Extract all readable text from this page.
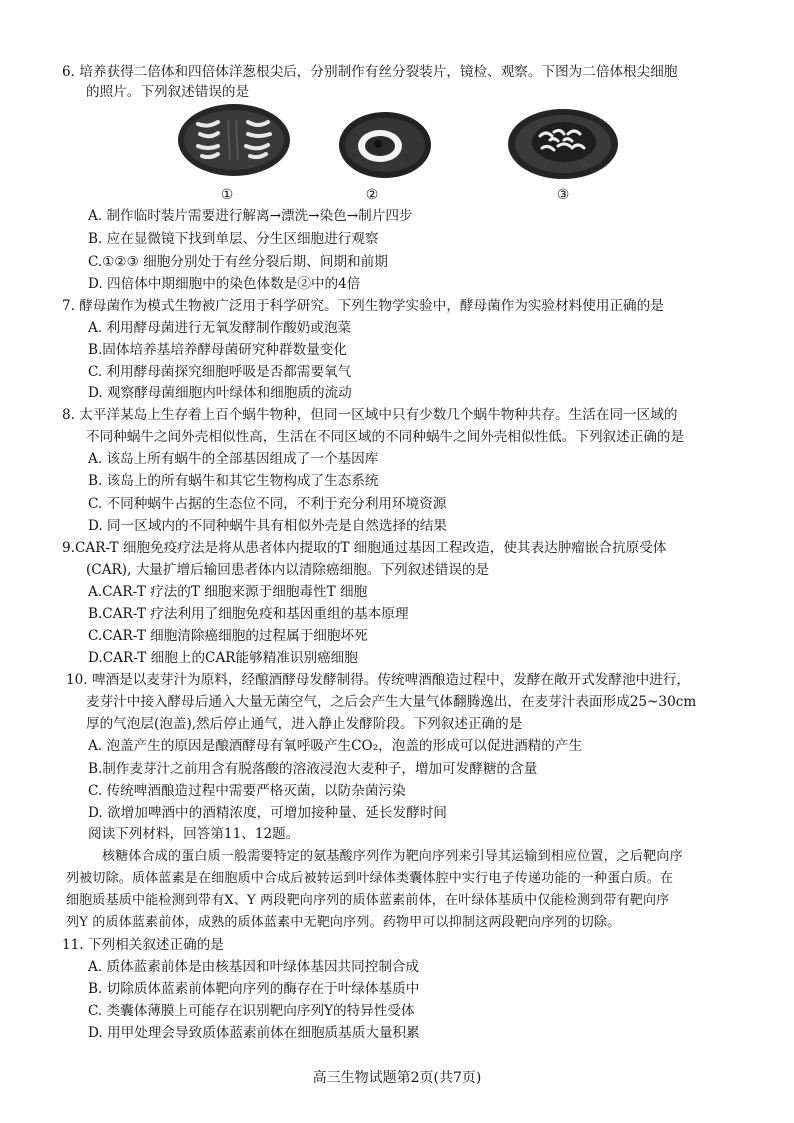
6. 培养获得二倍体和四倍体洋葱根尖后，分别制作有丝分裂装片，镜检、观察。下图为二倍体根尖细胞
的照片。下列叙述错误的是
①	②	③
A. 制作临时装片需要进行解离→漂洗→染色→制片四步
B. 应在显微镜下找到单层、分生区细胞进行观察
C.①②③ 细胞分别处于有丝分裂后期、间期和前期
D. 四倍体中期细胞中的染色体数是②中的4倍
7. 酵母菌作为模式生物被广泛用于科学研究。下列生物学实验中，酵母菌作为实验材料使用正确的是
A. 利用酵母菌进行无氧发酵制作酸奶或泡菜
B.固体培养基培养酵母菌研究种群数量变化
C. 利用酵母菌探究细胞呼吸是否都需要氧气
D. 观察酵母菌细胞内叶绿体和细胞质的流动
8. 太平洋某岛上生存着上百个蜗牛物种，但同一区域中只有少数几个蜗牛物种共存。生活在同一区域的
不同种蜗牛之间外壳相似性高，生活在不同区域的不同种蜗牛之间外壳相似性低。下列叙述正确的是
A. 该岛上所有蜗牛的全部基因组成了一个基因库
B. 该岛上的所有蜗牛和其它生物构成了生态系统
C. 不同种蜗牛占据的生态位不同，不利于充分利用环境资源
D. 同一区域内的不同种蜗牛具有相似外壳是自然选择的结果
9.CAR-T 细胞免疫疗法是将从患者体内提取的T 细胞通过基因工程改造，使其表达肿瘤嵌合抗原受体
(CAR), 大量扩增后输回患者体内以清除癌细胞。下列叙述错误的是
A.CAR-T 疗法的T 细胞来源于细胞毒性T 细胞
B.CAR-T 疗法利用了细胞免疫和基因重组的基本原理
C.CAR-T 细胞清除癌细胞的过程属于细胞坏死
D.CAR-T 细胞上的CAR能够精准识别癌细胞
10. 啤酒是以麦芽汁为原料，经酿酒酵母发酵制得。传统啤酒酿造过程中，发酵在敞开式发酵池中进行，
麦芽汁中接入酵母后通入大量无菌空气，之后会产生大量气体翻腾逸出，在麦芽汁表面形成25~30cm
厚的气泡层(泡盖),然后停止通气，进入静止发酵阶段。下列叙述正确的是
A. 泡盖产生的原因是酿酒酵母有氧呼吸产生CO₂，泡盖的形成可以促进酒精的产生
B.制作麦芽汁之前用含有脱落酸的溶液浸泡大麦种子，增加可发酵糖的含量
C. 传统啤酒酿造过程中需要严格灭菌，以防杂菌污染
D. 欲增加啤酒中的酒精浓度，可增加接种量、延长发酵时间
阅读下列材料，回答第11、12题。
核糖体合成的蛋白质一般需要特定的氨基酸序列作为靶向序列来引导其运输到相应位置，之后靶向序
列被切除。质体蓝素是在细胞质中合成后被转运到叶绿体类囊体腔中实行电子传递功能的一种蛋白质。在
细胞质基质中能检测到带有X、Y 两段靶向序列的质体蓝素前体，在叶绿体基质中仅能检测到带有靶向序
列Y 的质体蓝素前体，成熟的质体蓝素中无靶向序列。药物甲可以抑制这两段靶向序列的切除。
11. 下列相关叙述正确的是
A. 质体蓝素前体是由核基因和叶绿体基因共同控制合成
B. 切除质体蓝素前体靶向序列的酶存在于叶绿体基质中
C. 类囊体薄膜上可能存在识别靶向序列Y的特异性受体
D. 用甲处理会导致质体蓝素前体在细胞质基质大量积累
高三生物试题第2页(共7页)
